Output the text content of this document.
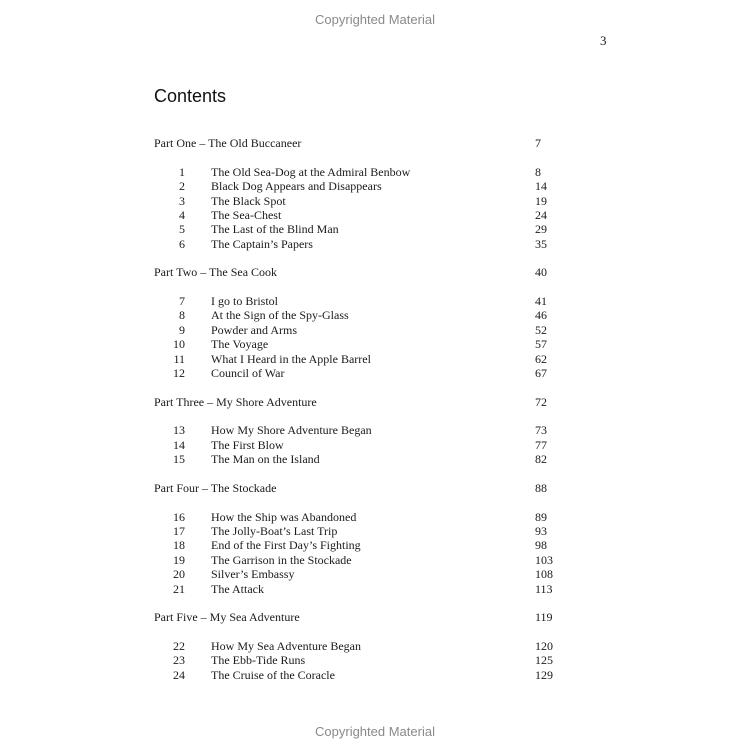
Copyrighted Material
3
Contents
Part One – The Old Buccaneer	7
1 The Old Sea-Dog at the Admiral Benbow	8
2 Black Dog Appears and Disappears	14
3 The Black Spot	19
4 The Sea-Chest	24
5 The Last of the Blind Man	29
6 The Captain’s Papers	35
Part Two – The Sea Cook	40
7 I go to Bristol	41
8 At the Sign of the Spy-Glass	46
9 Powder and Arms	52
10 The Voyage	57
11 What I Heard in the Apple Barrel	62
12 Council of War	67
Part Three – My Shore Adventure	72
13 How My Shore Adventure Began	73
14 The First Blow	77
15 The Man on the Island	82
Part Four – The Stockade	88
16 How the Ship was Abandoned	89
17 The Jolly-Boat’s Last Trip	93
18 End of the First Day’s Fighting	98
19 The Garrison in the Stockade	103
20 Silver’s Embassy	108
21 The Attack	113
Part Five – My Sea Adventure	119
22 How My Sea Adventure Began	120
23 The Ebb-Tide Runs	125
24 The Cruise of the Coracle	129
Copyrighted Material
